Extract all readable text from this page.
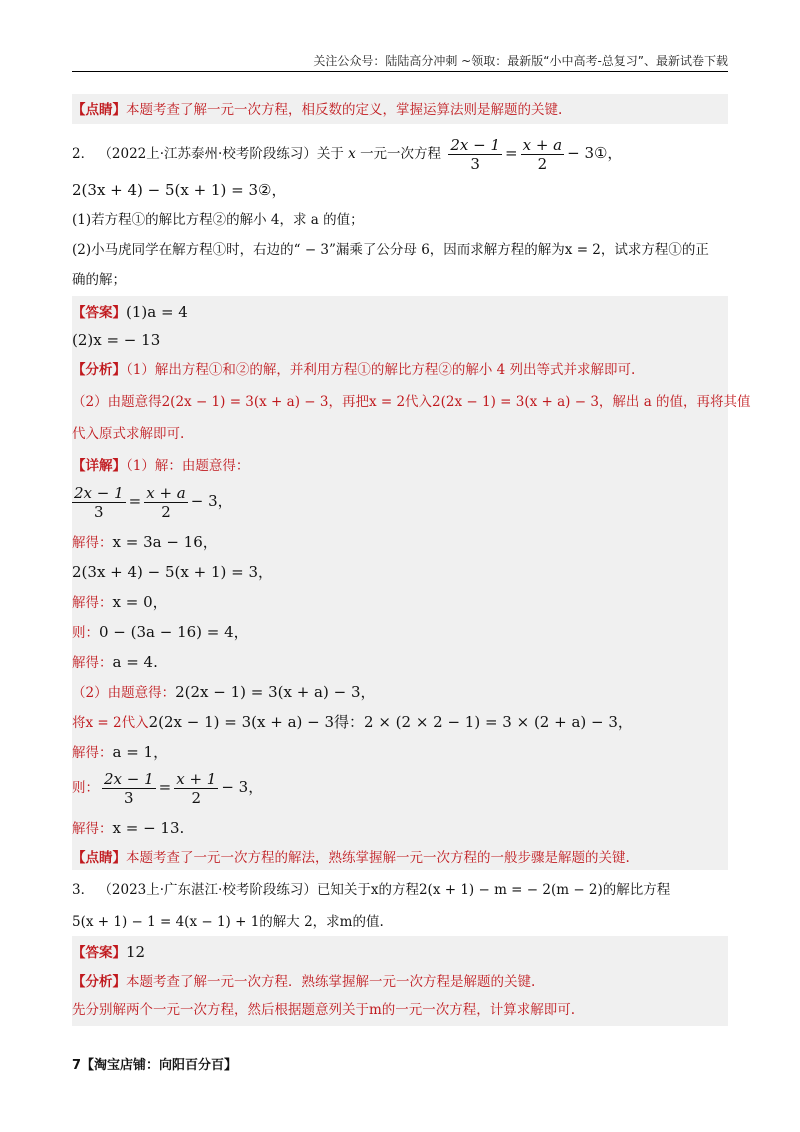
关注公众号：陆陆高分冲刺 ~领取：最新版“小中高考-总复习”、最新试卷下载
【点睛】本题考查了解一元一次方程，相反数的定义，掌握运算法则是解题的关键.
2． （2022上·江苏泰州·校考阶段练习）关于 x 一元一次方程 $\frac{2x - 1}{3} = \frac{x + a}{2}$ − 3①，
2(3x + 4) − 5(x + 1) = 3②，
(1)若方程①的解比方程②的解小 4，求 a 的值；
(2)小马虎同学在解方程①时，右边的“ − 3”漏乘了公分母 6，因而求解方程的解为x = 2，试求方程①的正
确的解；
【答案】(1)a = 4
(2)x = − 13
【分析】（1）解出方程①和②的解，并利用方程①的解比方程②的解小 4 列出等式并求解即可.
（2）由题意得2(2x − 1) = 3(x + a) − 3，再把x = 2代入2(2x − 1) = 3(x + a) − 3，解出 a 的值，再将其值
代入原式求解即可.
【详解】（1）解：由题意得：
$\frac{2x - 1}{3} = \frac{x + a}{2} - 3$，
解得：x = 3a − 16，
2(3x + 4) − 5(x + 1) = 3，
解得：x = 0，
则：0 − (3a − 16) = 4，
解得：a = 4.
（2）由题意得：2(2x − 1) = 3(x + a) − 3，
将x = 2代入2(2x − 1) = 3(x + a) − 3得：2 × (2 × 2 − 1) = 3 × (2 + a) − 3，
解得：a = 1，
则： $\frac{2x - 1}{3} = \frac{x + 1}{2} - 3$，
解得：x = − 13.
【点睛】本题考查了一元一次方程的解法，熟练掌握解一元一次方程的一般步骤是解题的关键.
3． （2023上·广东湛江·校考阶段练习）已知关于x的方程2(x + 1) − m = − 2(m − 2)的解比方程
5(x + 1) − 1 = 4(x − 1) + 1的解大 2，求m的值.
【答案】12
【分析】本题考查了解一元一次方程．熟练掌握解一元一次方程是解题的关键.
先分别解两个一元一次方程，然后根据题意列关于m的一元一次方程，计算求解即可.
7【淘宝店铺：向阳百分百】
